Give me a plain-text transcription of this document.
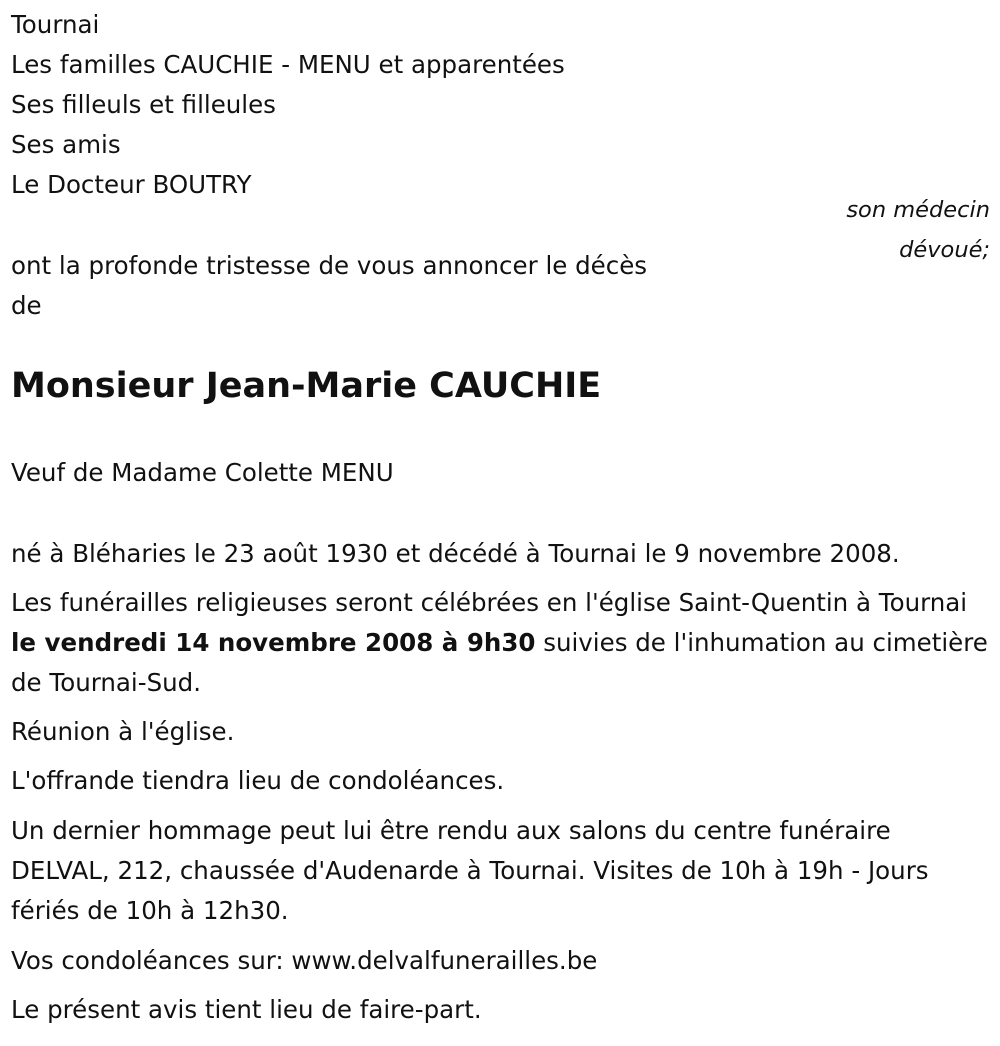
Tournai
Les familles CAUCHIE - MENU et apparentées
Ses filleuls et filleules
Ses amis
Le Docteur BOUTRY
son médecin
dévoué;
ont la profonde tristesse de vous annoncer le décès
de
Monsieur Jean-Marie CAUCHIE
Veuf de Madame Colette MENU
né à Bléharies le 23 août 1930 et décédé à Tournai le 9 novembre 2008.
Les funérailles religieuses seront célébrées en l'église Saint-Quentin à Tournai le vendredi 14 novembre 2008 à 9h30 suivies de l'inhumation au cimetière de Tournai-Sud.
Réunion à l'église.
L'offrande tiendra lieu de condoléances.
Un dernier hommage peut lui être rendu aux salons du centre funéraire DELVAL, 212, chaussée d'Audenarde à Tournai. Visites de 10h à 19h - Jours fériés de 10h à 12h30.
Vos condoléances sur: www.delvalfunerailles.be
Le présent avis tient lieu de faire-part.
